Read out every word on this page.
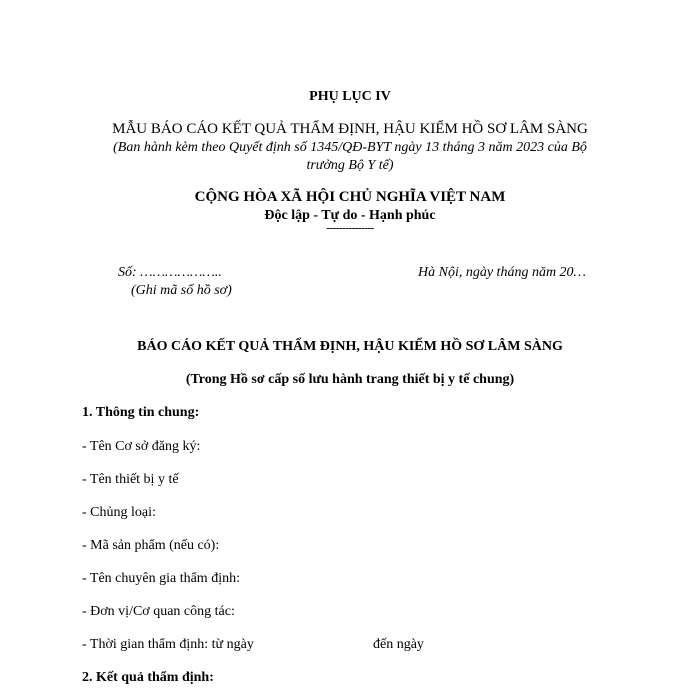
PHỤ LỤC IV
MẪU BÁO CÁO KẾT QUẢ THẨM ĐỊNH, HẬU KIỂM HỒ SƠ LÂM SÀNG
(Ban hành kèm theo Quyết định số 1345/QĐ-BYT ngày 13 tháng 3 năm 2023 của Bộ
trưởng Bộ Y tế)
CỘNG HÒA XÃ HỘI CHỦ NGHĨA VIỆT NAM
Độc lập - Tự do - Hạnh phúc
---------------
Số: ………………..
(Ghi mã số hồ sơ)
Hà Nội, ngày tháng năm 20…
BÁO CÁO KẾT QUẢ THẨM ĐỊNH, HẬU KIỂM HỒ SƠ LÂM SÀNG
(Trong Hồ sơ cấp số lưu hành trang thiết bị y tế chung)
1. Thông tin chung:
- Tên Cơ sở đăng ký:
- Tên thiết bị y tế
- Chủng loại:
- Mã sản phẩm (nếu có):
- Tên chuyên gia thẩm định:
- Đơn vị/Cơ quan công tác:
- Thời gian thẩm định: từ ngày	đến ngày
2. Kết quả thẩm định:
